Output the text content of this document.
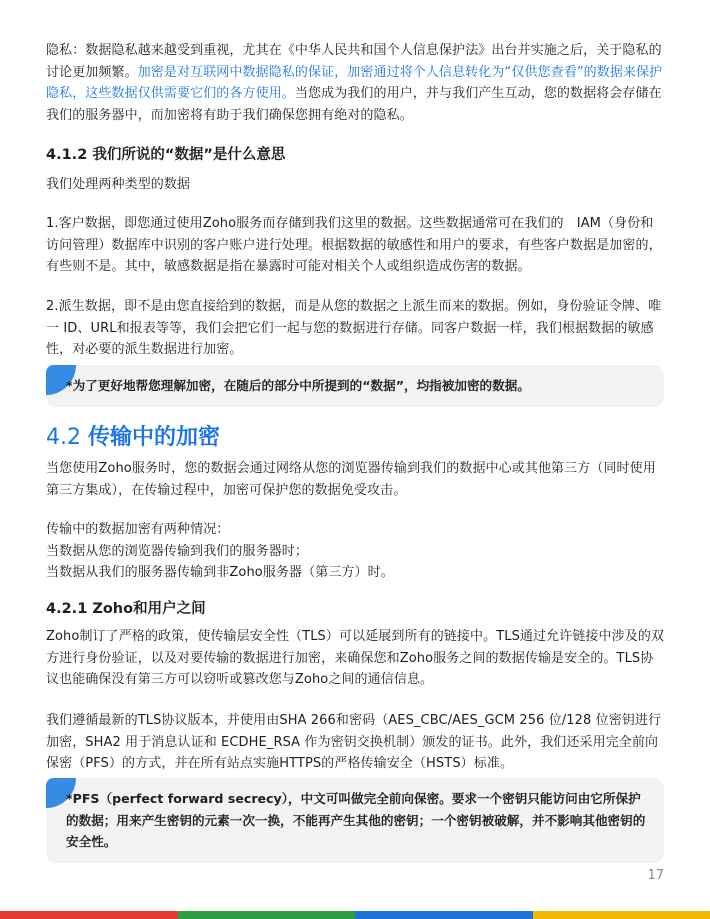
隐私：数据隐私越来越受到重视，尤其在《中华人民共和国个人信息保护法》出台并实施之后，关于隐私的讨论更加频繁。加密是对互联网中数据隐私的保证，加密通过将个人信息转化为“仅供您查看”的数据来保护隐私，这些数据仅供需要它们的各方使用。当您成为我们的用户，并与我们产生互动，您的数据将会存储在我们的服务器中，而加密将有助于我们确保您拥有绝对的隐私。

4.1.2 我们所说的“数据”是什么意思

我们处理两种类型的数据

1.客户数据，即您通过使用Zoho服务而存储到我们这里的数据。这些数据通常可在我们的　IAM（身份和访问管理）数据库中识别的客户账户进行处理。根据数据的敏感性和用户的要求，有些客户数据是加密的，有些则不是。其中，敏感数据是指在暴露时可能对相关个人或组织造成伤害的数据。

2.派生数据，即不是由您直接给到的数据，而是从您的数据之上派生而来的数据。例如，身份验证令牌、唯一 ID、URL和报表等等，我们会把它们一起与您的数据进行存储。同客户数据一样，我们根据数据的敏感性，对必要的派生数据进行加密。

*为了更好地帮您理解加密，在随后的部分中所提到的“数据”，均指被加密的数据。
4.2 传输中的加密

当您使用Zoho服务时，您的数据会通过网络从您的浏览器传输到我们的数据中心或其他第三方（同时使用第三方集成），在传输过程中，加密可保护您的数据免受攻击。

传输中的数据加密有两种情况：

当数据从您的浏览器传输到我们的服务器时；

当数据从我们的服务器传输到非Zoho服务器（第三方）时。

4.2.1 Zoho和用户之间

Zoho制订了严格的政策，使传输层安全性（TLS）可以延展到所有的链接中。TLS通过允许链接中涉及的双方进行身份验证，以及对要传输的数据进行加密，来确保您和Zoho服务之间的数据传输是安全的。TLS协议也能确保没有第三方可以窃听或篡改您与Zoho之间的通信信息。

我们遵循最新的TLS协议版本，并使用由SHA 266和密码（AES_CBC/AES_GCM 256 位/128 位密钥进行加密，SHA2 用于消息认证和 ECDHE_RSA 作为密钥交换机制）颁发的证书。此外，我们还采用完全前向保密（PFS）的方式，并在所有站点实施HTTPS的严格传输安全（HSTS）标准。

*PFS（perfect forward secrecy），中文可叫做完全前向保密。要求一个密钥只能访问由它所保护的数据；用来产生密钥的元素一次一换，不能再产生其他的密钥；一个密钥被破解，并不影响其他密钥的安全性。
17
